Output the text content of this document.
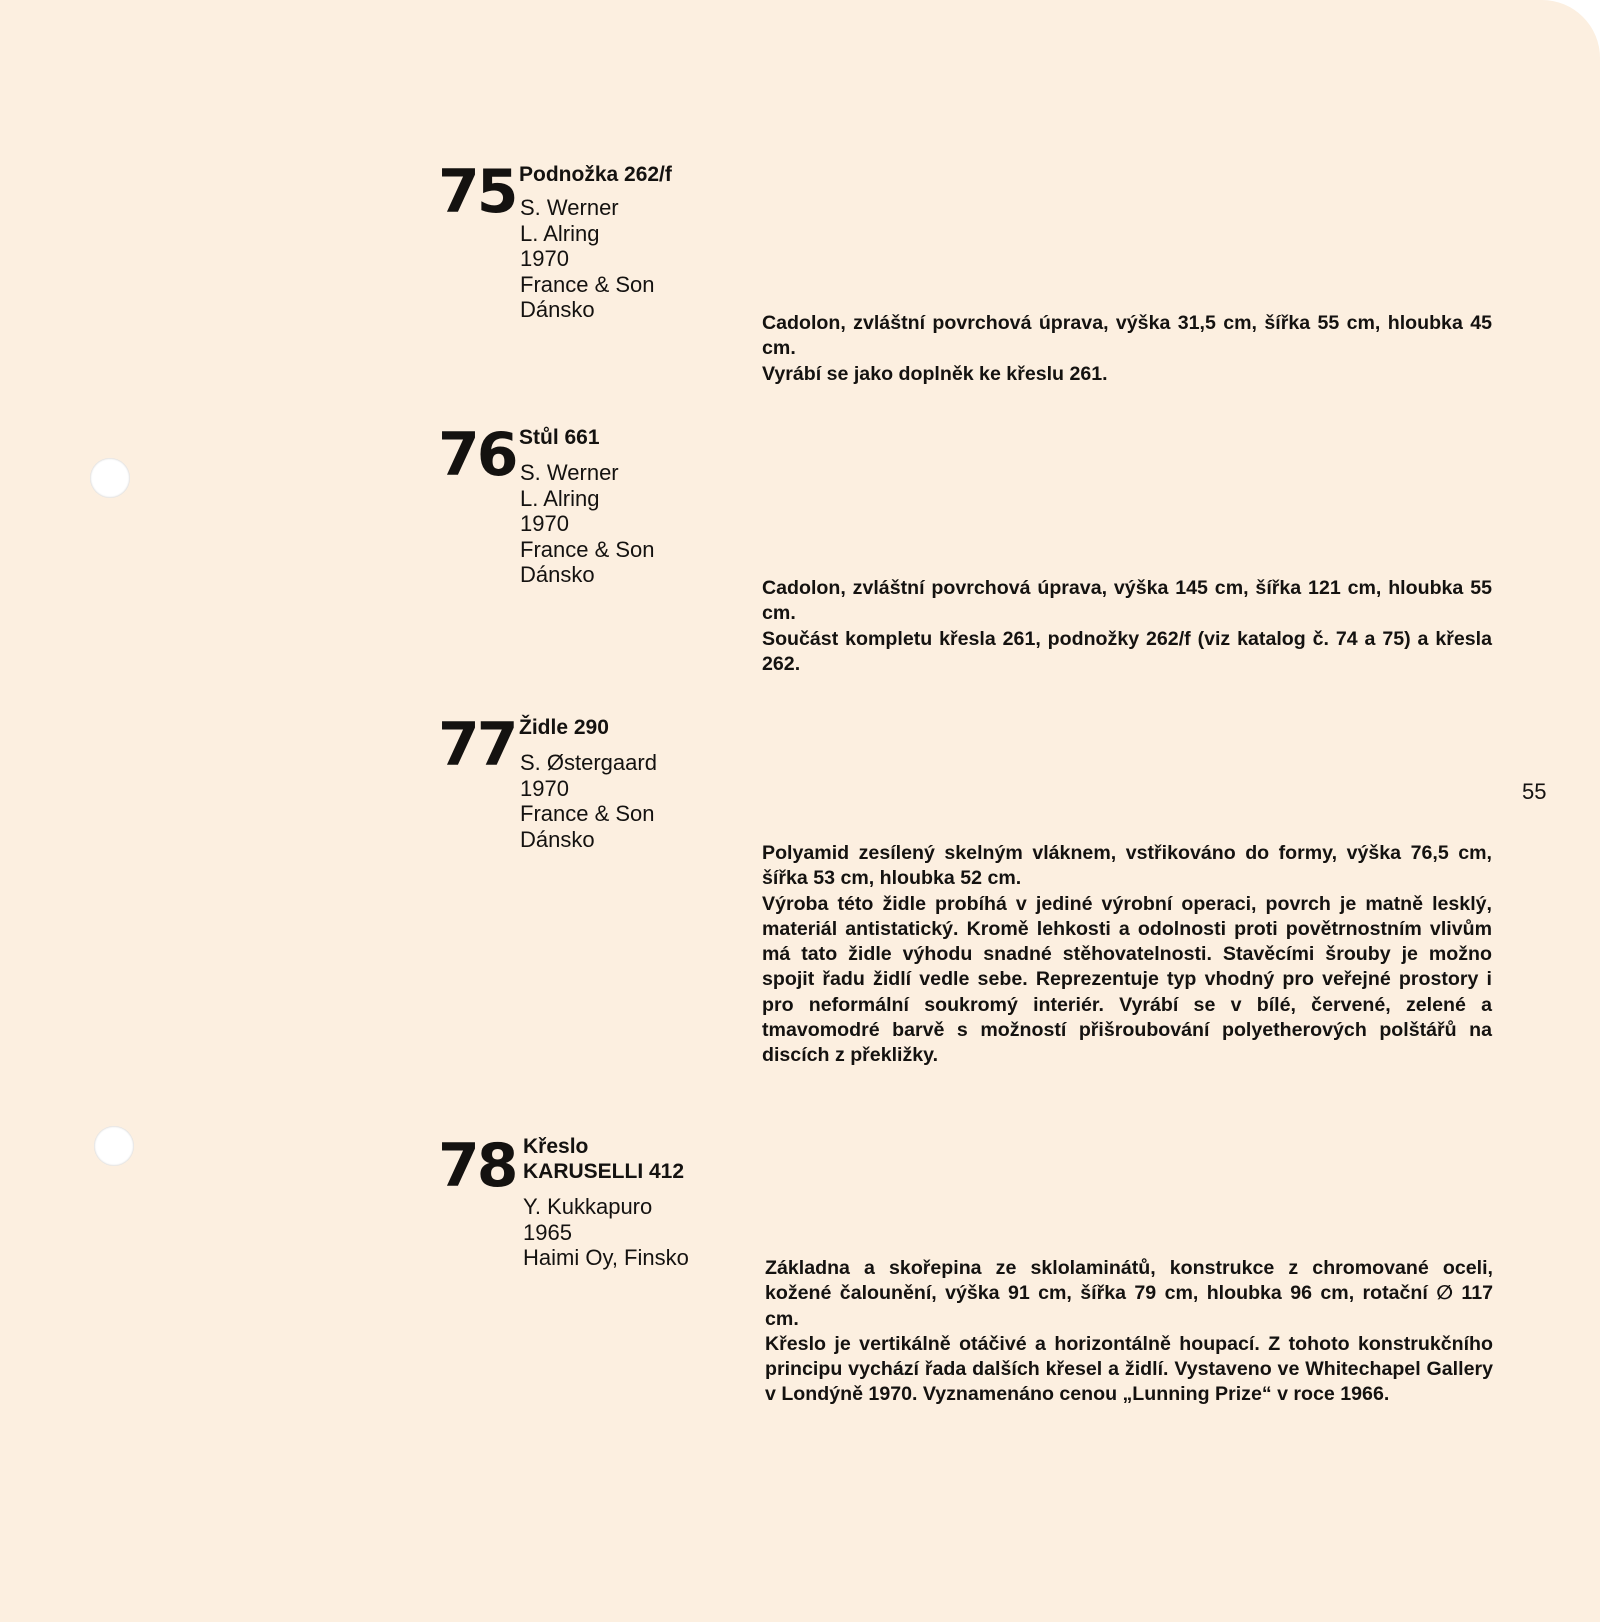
75 Podnožka 262/f
S. Werner
L. Alring
1970
France & Son
Dánsko

Cadolon, zvláštní povrchová úprava, výška 31,5 cm, šířka 55 cm, hloubka 45 cm.

Vyrábí se jako doplněk ke křeslu 261.

76 Stůl 661
S. Werner
L. Alring
1970
France & Son
Dánsko

Cadolon, zvláštní povrchová úprava, výška 145 cm, šířka 121 cm, hloubka 55 cm.

Součást kompletu křesla 261, podnožky 262/f (viz katalog č. 74 a 75) a křesla 262.

77 Židle 290
S. Østergaard
1970
France & Son
Dánsko

Polyamid zesílený skelným vláknem, vstřikováno do formy, výška 76,5 cm, šířka 53 cm, hloubka 52 cm.

Výroba této židle probíhá v jediné výrobní operaci, povrch je matně lesklý, materiál antistatický. Kromě lehkosti a odolnosti proti povětrnostním vlivům má tato židle výhodu snadné stěhovatelnosti. Stavěcími šrouby je možno spojit řadu židlí vedle sebe. Reprezentuje typ vhodný pro veřejné prostory i pro neformální soukromý interiér. Vyrábí se v bílé, červené, zelené a tmavomodré barvě s možností přišroubování polyetherových polštářů na discích z překližky.

78 Křeslo
KARUSELLI 412
Y. Kukkapuro
1965
Haimi Oy, Finsko	Základna a skořepina ze sklolaminátů, konstrukce z chromované oceli, kožené čalounění, výška 91 cm, šířka 79 cm, hloubka 96 cm, rotační ∅ 117 cm.

Křeslo je vertikálně otáčivé a horizontálně houpací. Z tohoto konstrukčního principu vychází řada dalších křesel a židlí. Vystaveno ve Whitechapel Gallery v Londýně 1970. Vyznamenáno cenou „Lunning Prize“ v roce 1966.

55
